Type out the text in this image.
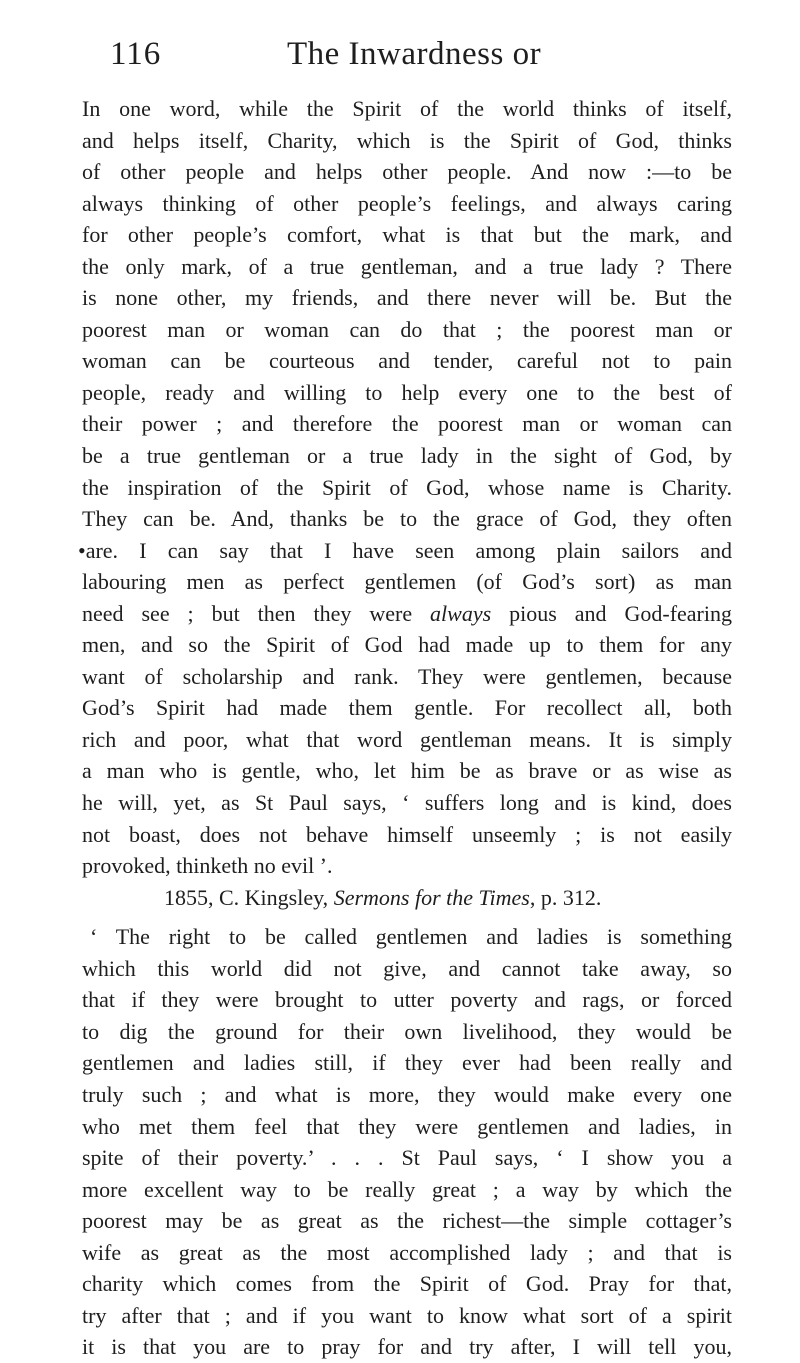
116	The Inwardness or
In one word, while the Spirit of the world thinks of itself,
and helps itself, Charity, which is the Spirit of God, thinks
of other people and helps other people. And now :—to be
always thinking of other people’s feelings, and always caring
for other people’s comfort, what is that but the mark, and
the only mark, of a true gentleman, and a true lady ? There
is none other, my friends, and there never will be. But the
poorest man or woman can do that ; the poorest man or
woman can be courteous and tender, careful not to pain
people, ready and willing to help every one to the best of
their power ; and therefore the poorest man or woman can
be a true gentleman or a true lady in the sight of God, by
the inspiration of the Spirit of God, whose name is Charity.
They can be. And, thanks be to the grace of God, they often
•are. I can say that I have seen among plain sailors and
labouring men as perfect gentlemen (of God’s sort) as man
need see ; but then they were always pious and God-fearing
men, and so the Spirit of God had made up to them for any
want of scholarship and rank. They were gentlemen, because
God’s Spirit had made them gentle. For recollect all, both
rich and poor, what that word gentleman means. It is simply
a man who is gentle, who, let him be as brave or as wise as
he will, yet, as St Paul says, ‘ suffers long and is kind, does
not boast, does not behave himself unseemly ; is not easily
provoked, thinketh no evil ’.
1855, C. Kingsley, Sermons for the Times, p. 312.
‘ The right to be called gentlemen and ladies is something
which this world did not give, and cannot take away, so
that if they were brought to utter poverty and rags, or forced
to dig the ground for their own livelihood, they would be
gentlemen and ladies still, if they ever had been really and
truly such ; and what is more, they would make every one
who met them feel that they were gentlemen and ladies, in
spite of their poverty.’ . . . St Paul says, ‘ I show you a
more excellent way to be really great ; a way by which the
poorest may be as great as the richest—the simple cottager’s
wife as great as the most accomplished lady ; and that is
charity which comes from the Spirit of God. Pray for that,
try after that ; and if you want to know what sort of a spirit
it is that you are to pray for and try after, I will tell you,
